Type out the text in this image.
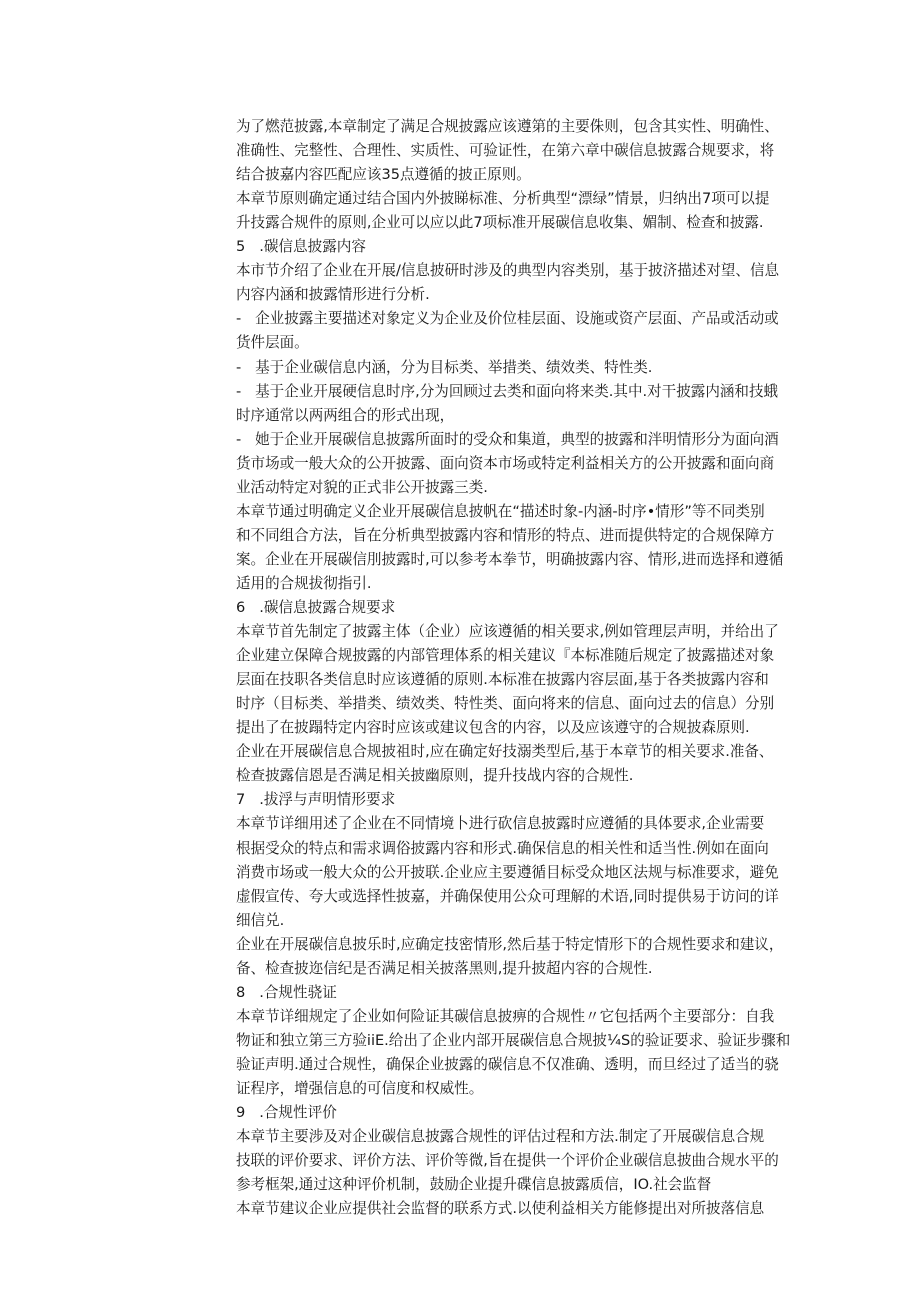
为了燃范披露,本章制定了满足合规披露应该遵第的主要侏则，包含其实性、明确性、
准确性、完整性、合理性、实质性、可验证性，在第六章中碳信息披露合规要求，将
结合披嘉内容匹配应该35点遵循的披正原则。
本章节原则确定通过结合国内外披睇标准、分析典型“漂绿”情景，归纳出7项可以提
升技露合规件的原则,企业可以应以此7项标准开展碳信息收集、媚制、检查和披露.
5   .碳信息披露内容
本市节介绍了企业在开展/信息披研时涉及的典型内容类别，基于披济描述对望、信息
内容内涵和披露情形进行分析.
-   企业披露主要描述对象定义为企业及价位桂层面、设施或资产层面、产品或活动或
货件层面。
-   基于企业碳信息内涵，分为目标类、举措类、绩效类、特性类.
-   基于企业开展硬信息时序,分为回顾过去类和面向将来类.其中.对干披露内涵和技蛾
时序通常以两两组合的形式出现，
-   她于企业开展碳信息披露所面时的受众和集道，典型的披露和泮明情形分为面向酒
货市场或一般大众的公开披露、面向资本市场或特定利益相关方的公开披露和面向商
业活动特定对貌的正式非公开披露三类.
本章节通过明确定义企业开展碳信息披帆在“描述时象-内涵-时序•情形”等不同类别
和不同组合方法，旨在分析典型披露内容和情形的特点、进而提供特定的合规保障方
案。企业在开展碳信刖披露时,可以参考本拳节，明确披露内容、情形,进而选择和遵循
适用的合规拔彻指引.
6   .碳信息披露合规要求
本章节首先制定了披露主体（企业）应该遵循的相关要求,例如管理层声明，并给出了
企业建立保障合规披露的内部管理体系的相关建议『本标准随后规定了披露描述对象
层面在技职各类信息时应该遵循的原则.本标准在披露内容层面,基于各类披露内容和
时序（目标类、举措类、绩效类、特性类、面向将来的信息、面向过去的信息）分别
提出了在披蹋特定内容时应该或建议包含的内容，以及应该遵守的合规披森原则.
企业在开展碳信息合规披祖时,应在确定好技溺类型后,基于本章节的相关要求.准备、
检查披露信恩是否满足相关披幽原则，提升技战内容的合规性.
7   .拔浮与声明情形要求
本章节详细用述了企业在不同情境卜进行砍信息披露时应遵循的具体要求,企业需要
根据受众的特点和需求调俗披露内容和形式.确保信息的相关性和适当性.例如在面向
消费市场或一般大众的公开披联.企业应主要遵循目标受众地区法规与标准要求，避免
虚假宣传、夸大或选择性披嘉，并确保使用公众可理解的术语,同时提供易于访问的详
细信兑.
企业在开展碳信息披乐时,应确定技密情形,然后基于特定情形下的合规性要求和建议，
备、检查披迩信纪是否满足相关披落黑则,提升披超内容的合规性.
8   .合规性骁证
本章节详细规定了企业如何险证其碳信息披痹的合规性〃它包括两个主要部分：自我
物证和独立第三方验iiE.给出了企业内部开展碳信息合规披¼S的验证要求、验证步骤和
验证声明.通过合规性，确保企业披露的碳信息不仅准确、透明，而旦经过了适当的骁
证程序，增强信息的可信度和权威性。
9   .合规性评价
本章节主要涉及对企业碳信息披露合规性的评估过程和方法.制定了开展碳信息合规
技联的评价要求、评价方法、评价等微,旨在提供一个评价企业碳信息披曲合规水平的
参考框架,通过这种评价机制，鼓励企业提升碟信息披露质信，IO.社会监督
本章节建议企业应提供社会监督的联系方式.以使利益相关方能修提出对所披落信息
